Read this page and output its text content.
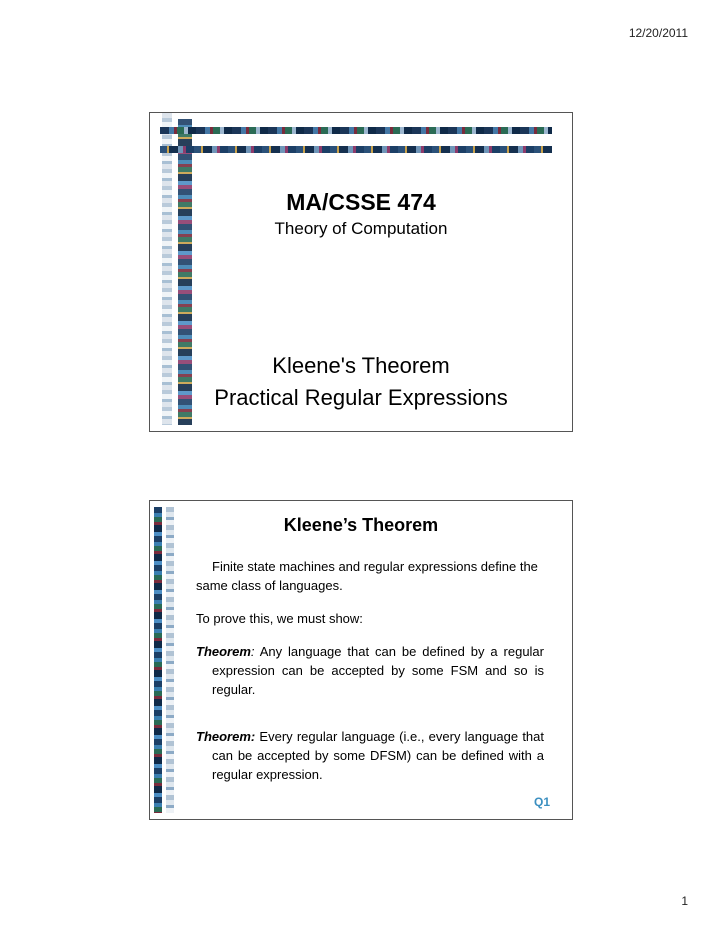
12/20/2011
MA/CSSE 474
Theory of Computation
Kleene's Theorem
Practical Regular Expressions
Kleene’s Theorem

Finite state machines and regular expressions define the same class of languages.

To prove this, we must show:

Theorem: Any language that can be defined by a regular expression can be accepted by some FSM and so is regular.

Theorem: Every regular language (i.e., every language that can be accepted by some DFSM) can be defined with a regular expression.

Q1
1
